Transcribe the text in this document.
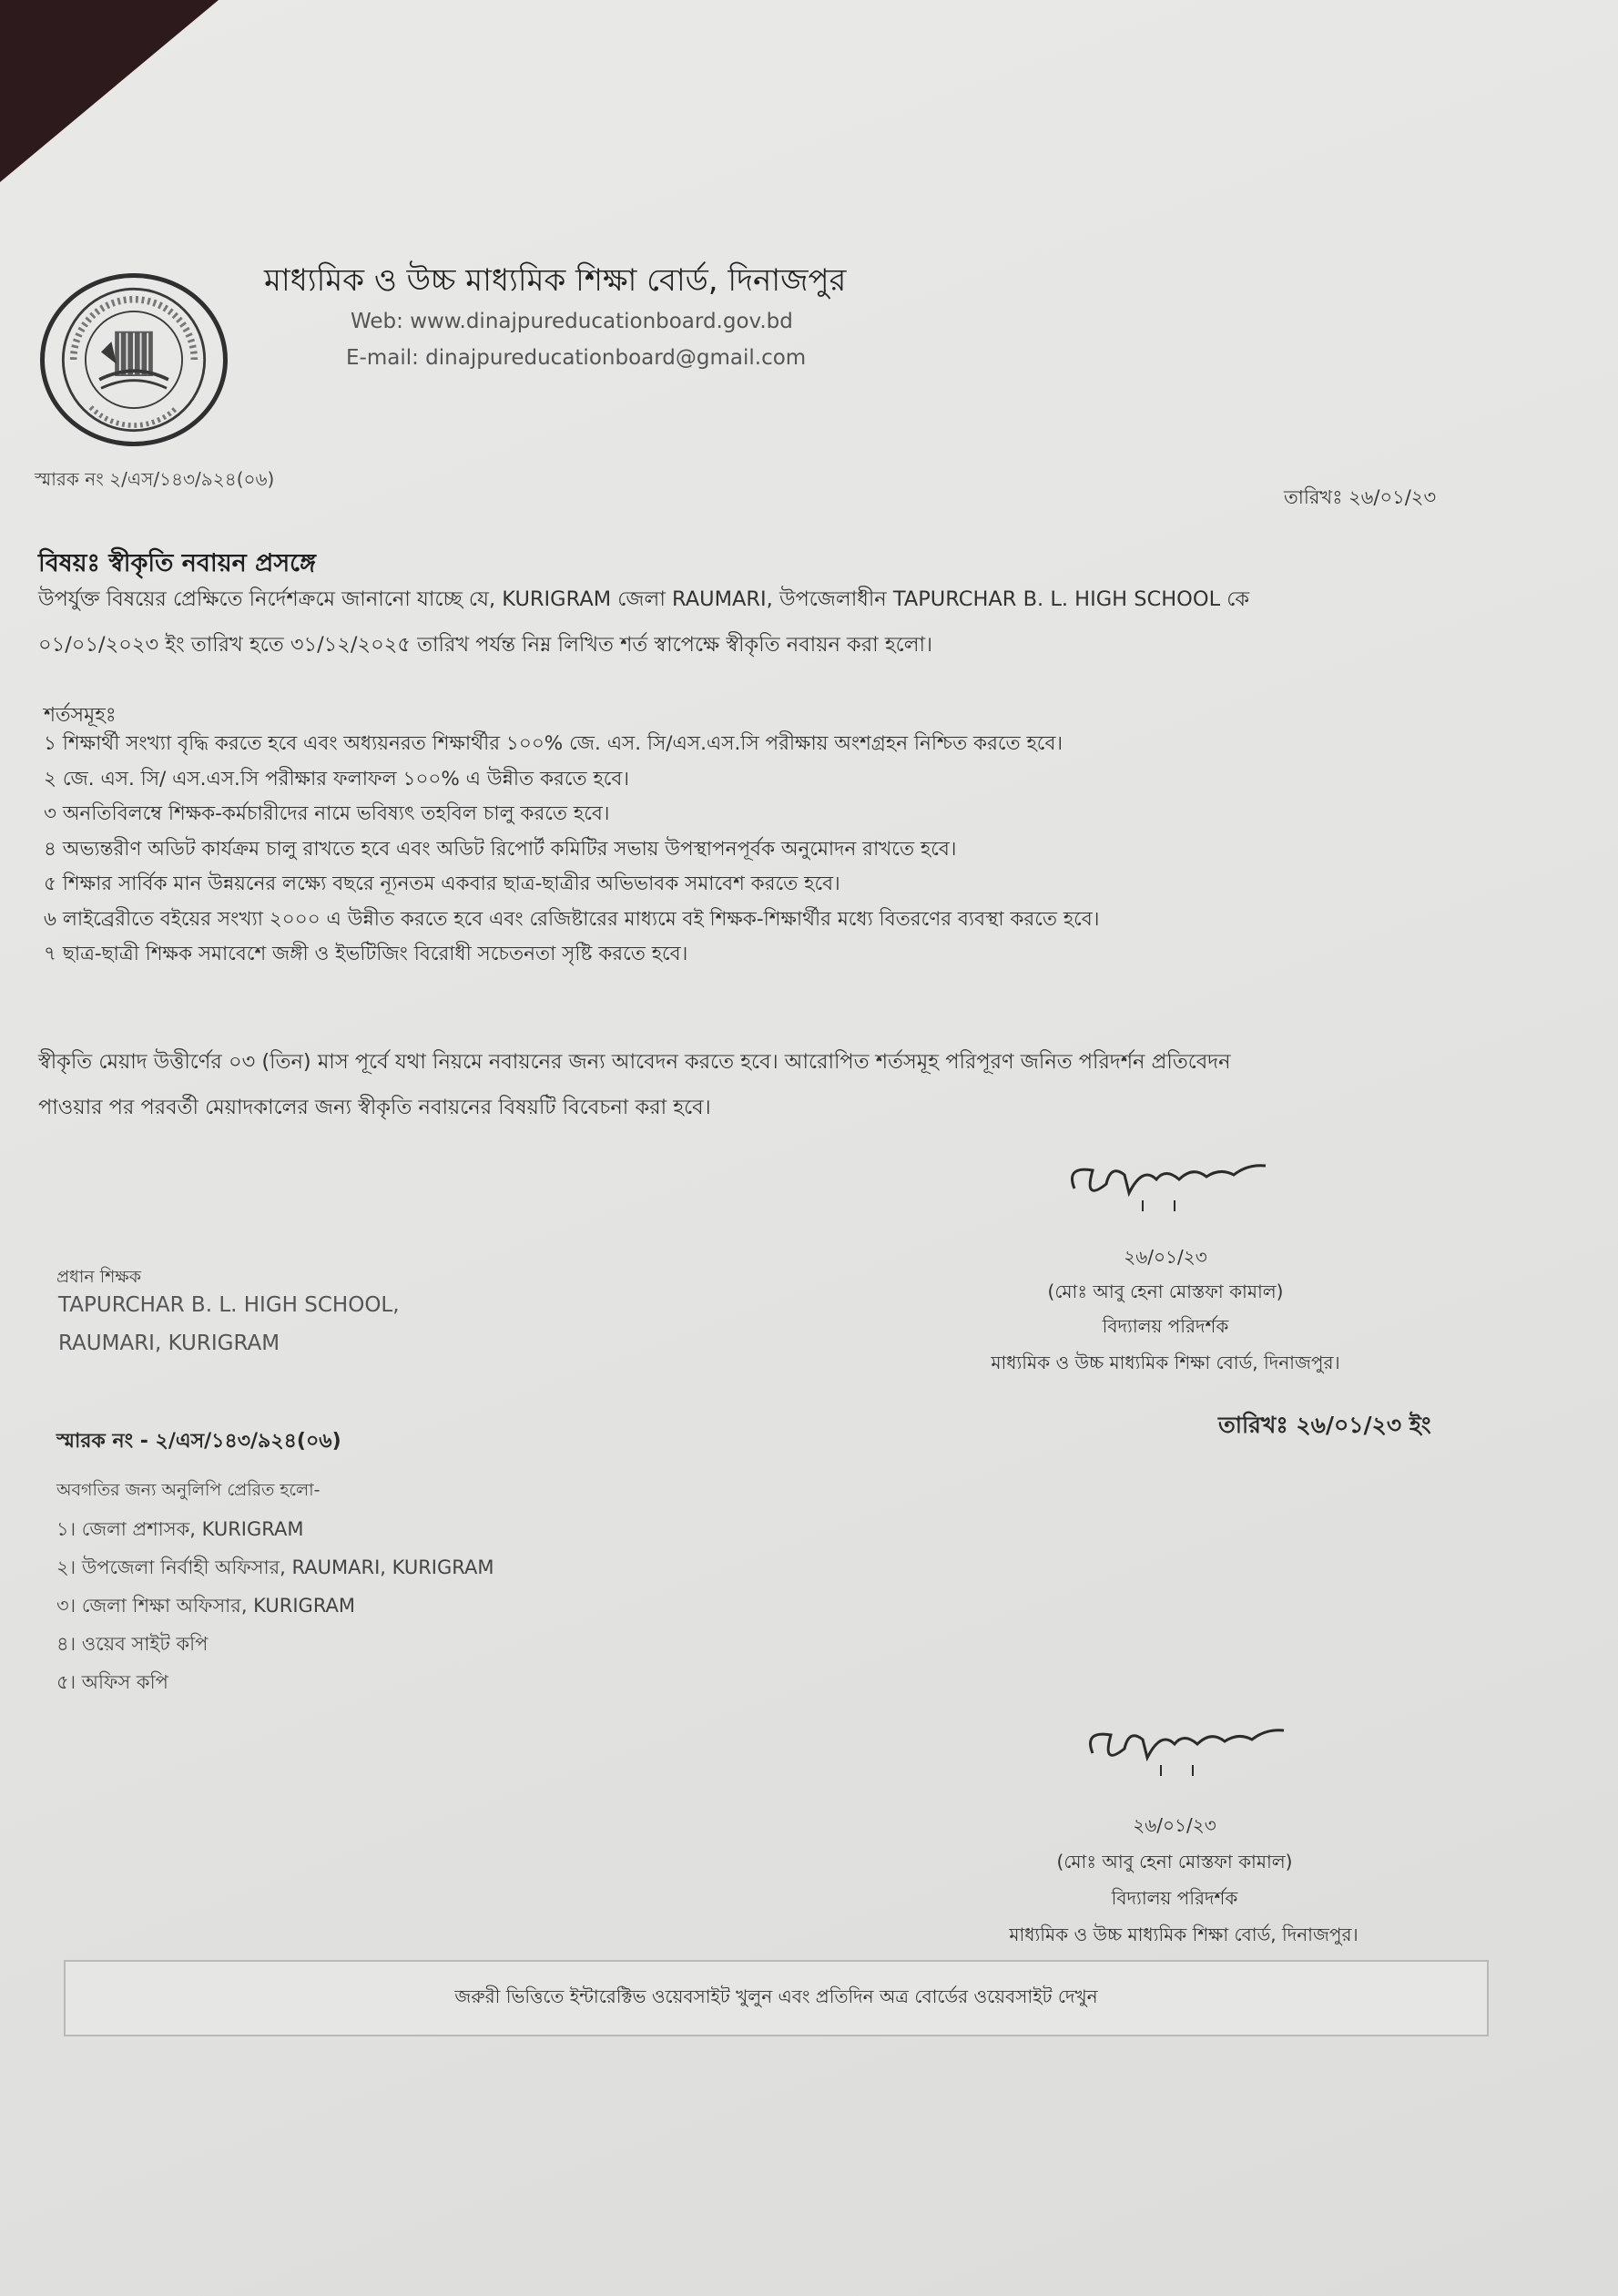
মাধ্যমিক ও উচ্চ মাধ্যমিক শিক্ষা বোর্ড, দিনাজপুর
Web: www.dinajpureducationboard.gov.bd
E-mail: dinajpureducationboard@gmail.com
স্মারক নং ২/এস/১৪৩/৯২৪(০৬)
তারিখঃ ২৬/০১/২৩
বিষয়ঃ স্বীকৃতি নবায়ন প্রসঙ্গে
উপর্যুক্ত বিষয়ের প্রেক্ষিতে নির্দেশক্রমে জানানো যাচ্ছে যে, KURIGRAM জেলা RAUMARI, উপজেলাধীন TAPURCHAR B. L. HIGH SCHOOL কে
০১/০১/২০২৩ ইং তারিখ হতে ৩১/১২/২০২৫ তারিখ পর্যন্ত নিম্ন লিখিত শর্ত স্বাপেক্ষে স্বীকৃতি নবায়ন করা হলো।
শর্তসমূহঃ
১ শিক্ষার্থী সংখ্যা বৃদ্ধি করতে হবে এবং অধ্যয়নরত শিক্ষার্থীর ১০০% জে. এস. সি/এস.এস.সি পরীক্ষায় অংশগ্রহন নিশ্চিত করতে হবে।
২ জে. এস. সি/ এস.এস.সি পরীক্ষার ফলাফল ১০০% এ উন্নীত করতে হবে।
৩ অনতিবিলম্বে শিক্ষক-কর্মচারীদের নামে ভবিষ্যৎ তহবিল চালু করতে হবে।
৪ অভ্যন্তরীণ অডিট কার্যক্রম চালু রাখতে হবে এবং অডিট রিপোর্ট কমিটির সভায় উপস্থাপনপূর্বক অনুমোদন রাখতে হবে।
৫ শিক্ষার সার্বিক মান উন্নয়নের লক্ষ্যে বছরে ন্যূনতম একবার ছাত্র-ছাত্রীর অভিভাবক সমাবেশ করতে হবে।
৬ লাইব্রেরীতে বইয়ের সংখ্যা ২০০০ এ উন্নীত করতে হবে এবং রেজিষ্টারের মাধ্যমে বই শিক্ষক-শিক্ষার্থীর মধ্যে বিতরণের ব্যবস্থা করতে হবে।
৭ ছাত্র-ছাত্রী শিক্ষক সমাবেশে জঙ্গী ও ইভটিজিং বিরোধী সচেতনতা সৃষ্টি করতে হবে।
স্বীকৃতি মেয়াদ উত্তীর্ণের ০৩ (তিন) মাস পূর্বে যথা নিয়মে নবায়নের জন্য আবেদন করতে হবে। আরোপিত শর্তসমূহ পরিপূরণ জনিত পরিদর্শন প্রতিবেদন
পাওয়ার পর পরবর্তী মেয়াদকালের জন্য স্বীকৃতি নবায়নের বিষয়টি বিবেচনা করা হবে।
২৬/০১/২৩
(মোঃ আবু হেনা মোস্তফা কামাল)
বিদ্যালয় পরিদর্শক
মাধ্যমিক ও উচ্চ মাধ্যমিক শিক্ষা বোর্ড, দিনাজপুর।
প্রধান শিক্ষক
TAPURCHAR B. L. HIGH SCHOOL,
RAUMARI, KURIGRAM
তারিখঃ ২৬/০১/২৩ ইং
স্মারক নং - ২/এস/১৪৩/৯২৪(০৬)
অবগতির জন্য অনুলিপি প্রেরিত হলো-
১। জেলা প্রশাসক, KURIGRAM
২। উপজেলা নির্বাহী অফিসার, RAUMARI, KURIGRAM
৩। জেলা শিক্ষা অফিসার, KURIGRAM
৪। ওয়েব সাইট কপি
৫। অফিস কপি
২৬/০১/২৩
(মোঃ আবু হেনা মোস্তফা কামাল)
বিদ্যালয় পরিদর্শক
মাধ্যমিক ও উচ্চ মাধ্যমিক শিক্ষা বোর্ড, দিনাজপুর।
জরুরী ভিত্তিতে ইন্টারেক্টিভ ওয়েবসাইট খুলুন এবং প্রতিদিন অত্র বোর্ডের ওয়েবসাইট দেখুন
